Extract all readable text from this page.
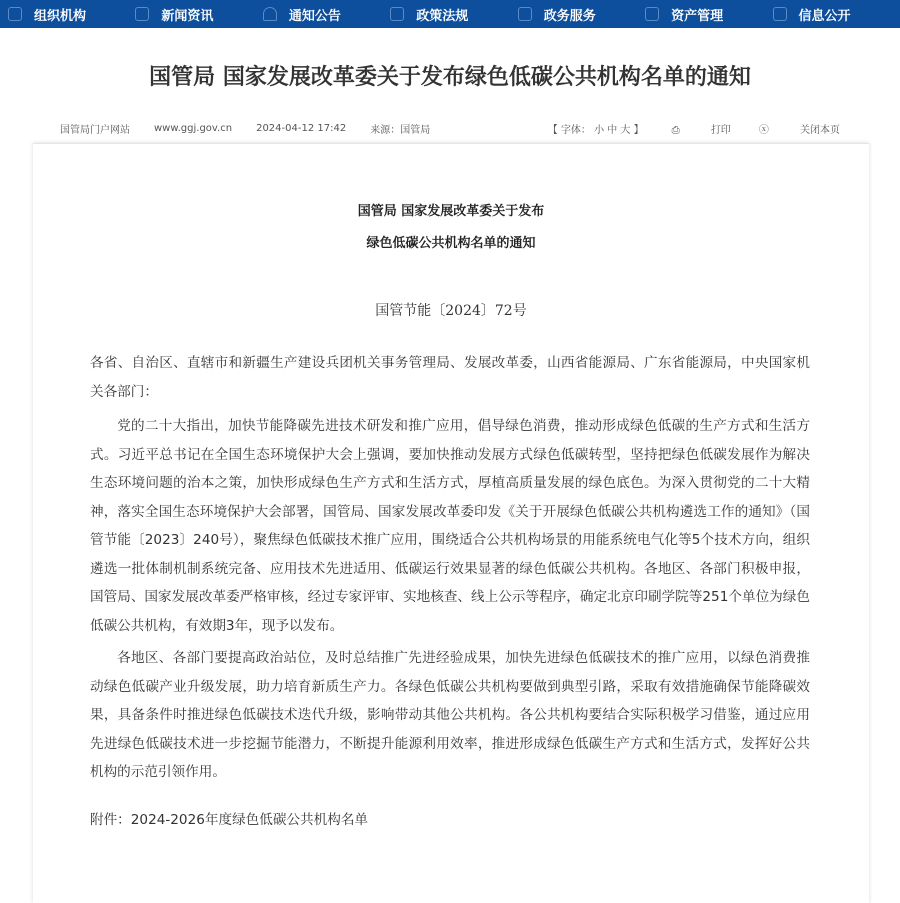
组织机构	新闻资讯	通知公告	政策法规	政务服务	资产管理	信息公开
国管局 国家发展改革委关于发布绿色低碳公共机构名单的通知
国管局门户网站 www.ggj.gov.cn 2024-04-12 17:42 来源：国管局	【 字体： 小 中 大 】	⎙	打印	ⓧ	关闭本页
国管局 国家发展改革委关于发布
绿色低碳公共机构名单的通知
国管节能〔2024〕72号

各省、自治区、直辖市和新疆生产建设兵团机关事务管理局、发展改革委，山西省能源局、广东省能源局，中央国家机关各部门：

党的二十大指出，加快节能降碳先进技术研发和推广应用，倡导绿色消费，推动形成绿色低碳的生产方式和生活方式。习近平总书记在全国生态环境保护大会上强调，要加快推动发展方式绿色低碳转型，坚持把绿色低碳发展作为解决生态环境问题的治本之策，加快形成绿色生产方式和生活方式，厚植高质量发展的绿色底色。为深入贯彻党的二十大精神，落实全国生态环境保护大会部署，国管局、国家发展改革委印发《关于开展绿色低碳公共机构遴选工作的通知》（国管节能〔2023〕240号），聚焦绿色低碳技术推广应用，围绕适合公共机构场景的用能系统电气化等5个技术方向，组织遴选一批体制机制系统完备、应用技术先进适用、低碳运行效果显著的绿色低碳公共机构。各地区、各部门积极申报，国管局、国家发展改革委严格审核，经过专家评审、实地核查、线上公示等程序，确定北京印刷学院等251个单位为绿色低碳公共机构，有效期3年，现予以发布。

各地区、各部门要提高政治站位，及时总结推广先进经验成果，加快先进绿色低碳技术的推广应用，以绿色消费推动绿色低碳产业升级发展，助力培育新质生产力。各绿色低碳公共机构要做到典型引路，采取有效措施确保节能降碳效果，具备条件时推进绿色低碳技术迭代升级，影响带动其他公共机构。各公共机构要结合实际积极学习借鉴，通过应用先进绿色低碳技术进一步挖掘节能潜力，不断提升能源利用效率，推进形成绿色低碳生产方式和生活方式，发挥好公共机构的示范引领作用。

附件：2024-2026年度绿色低碳公共机构名单
